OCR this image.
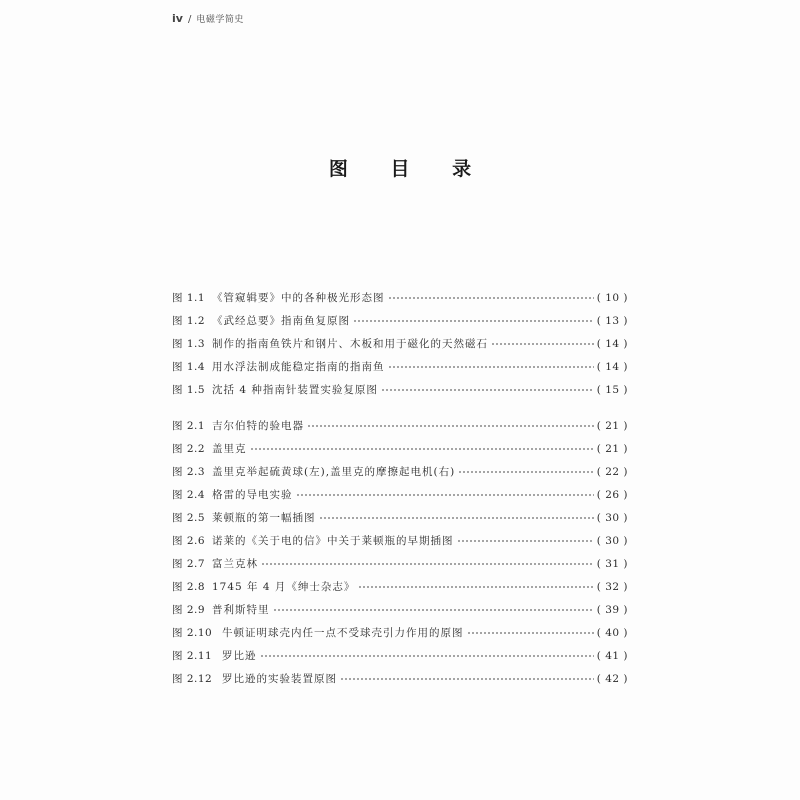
iv / 电磁学简史
图 目 录
图 1.1 《管窥辑要》中的各种极光形态图	( 10 )
图 1.2 《武经总要》指南鱼复原图	( 13 )
图 1.3 制作的指南鱼铁片和钢片、木板和用于磁化的天然磁石	( 14 )
图 1.4 用水浮法制成能稳定指南的指南鱼	( 14 )
图 1.5 沈括 4 种指南针装置实验复原图	( 15 )
图 2.1 吉尔伯特的验电器	( 21 )
图 2.2 盖里克	( 21 )
图 2.3 盖里克举起硫黄球(左),盖里克的摩擦起电机(右)	( 22 )
图 2.4 格雷的导电实验	( 26 )
图 2.5 莱顿瓶的第一幅插图	( 30 )
图 2.6 诺莱的《关于电的信》中关于莱顿瓶的早期插图	( 30 )
图 2.7 富兰克林	( 31 )
图 2.8 1745 年 4 月《绅士杂志》	( 32 )
图 2.9 普利斯特里	( 39 )
图 2.10 牛顿证明球壳内任一点不受球壳引力作用的原图	( 40 )
图 2.11 罗比逊	( 41 )
图 2.12 罗比逊的实验装置原图	( 42 )
